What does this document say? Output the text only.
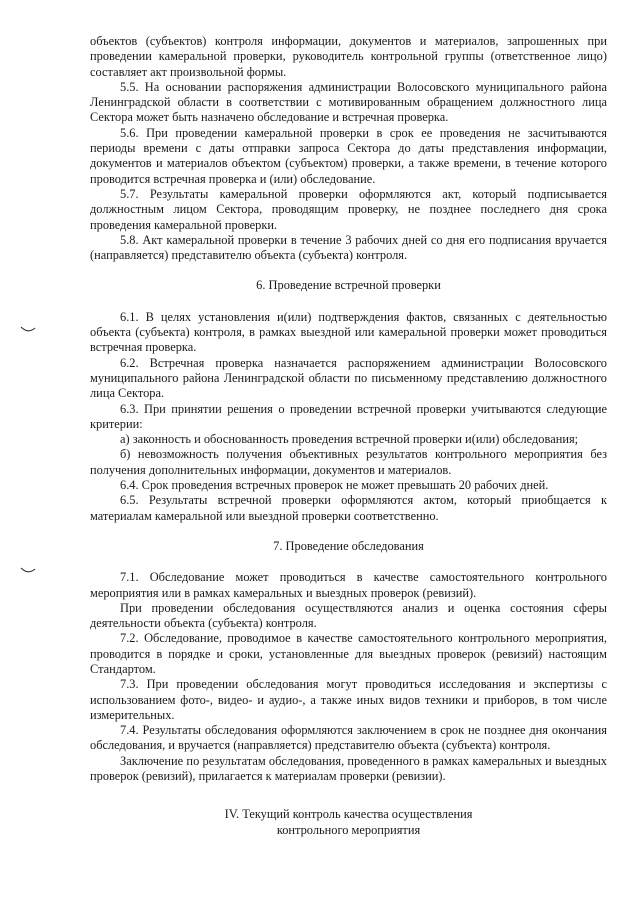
объектов (субъектов) контроля информации, документов и материалов, запрошенных при проведении камеральной проверки, руководитель контрольной группы (ответственное лицо) составляет акт произвольной формы.

5.5. На основании распоряжения администрации Волосовского муниципального района Ленинградской области в соответствии с мотивированным обращением должностного лица Сектора может быть назначено обследование и встречная проверка.

5.6. При проведении камеральной проверки в срок ее проведения не засчитываются периоды времени с даты отправки запроса Сектора до даты представления информации, документов и материалов объектом (субъектом) проверки, а также времени, в течение которого проводится встречная проверка и (или) обследование.

5.7. Результаты камеральной проверки оформляются акт, который подписывается должностным лицом Сектора, проводящим проверку, не позднее последнего дня срока проведения камеральной проверки.

5.8. Акт камеральной проверки в течение 3 рабочих дней со дня его подписания вручается (направляется) представителю объекта (субъекта) контроля.

6. Проведение встречной проверки

6.1. В целях установления и(или) подтверждения фактов, связанных с деятельностью объекта (субъекта) контроля, в рамках выездной или камеральной проверки может проводиться встречная проверка.

6.2. Встречная проверка назначается распоряжением администрации Волосовского муниципального района Ленинградской области по письменному представлению должностного лица Сектора.

6.3. При принятии решения о проведении встречной проверки учитываются следующие критерии:

а) законность и обоснованность проведения встречной проверки и(или) обследования;

б) невозможность получения объективных результатов контрольного мероприятия без получения дополнительных информации, документов и материалов.

6.4. Срок проведения встречных проверок не может превышать 20 рабочих дней.

6.5. Результаты встречной проверки оформляются актом, который приобщается к материалам камеральной или выездной проверки соответственно.

7. Проведение обследования

7.1. Обследование может проводиться в качестве самостоятельного контрольного мероприятия или в рамках камеральных и выездных проверок (ревизий).

При проведении обследования осуществляются анализ и оценка состояния сферы деятельности объекта (субъекта) контроля.

7.2. Обследование, проводимое в качестве самостоятельного контрольного мероприятия, проводится в порядке и сроки, установленные для выездных проверок (ревизий) настоящим Стандартом.

7.3. При проведении обследования могут проводиться исследования и экспертизы с использованием фото-, видео- и аудио-, а также иных видов техники и приборов, в том числе измерительных.

7.4. Результаты обследования оформляются заключением в срок не позднее дня окончания обследования, и вручается (направляется) представителю объекта (субъекта) контроля.

Заключение по результатам обследования, проведенного в рамках камеральных и выездных проверок (ревизий), прилагается к материалам проверки (ревизии).

IV. Текущий контроль качества осуществления

контрольного мероприятия
